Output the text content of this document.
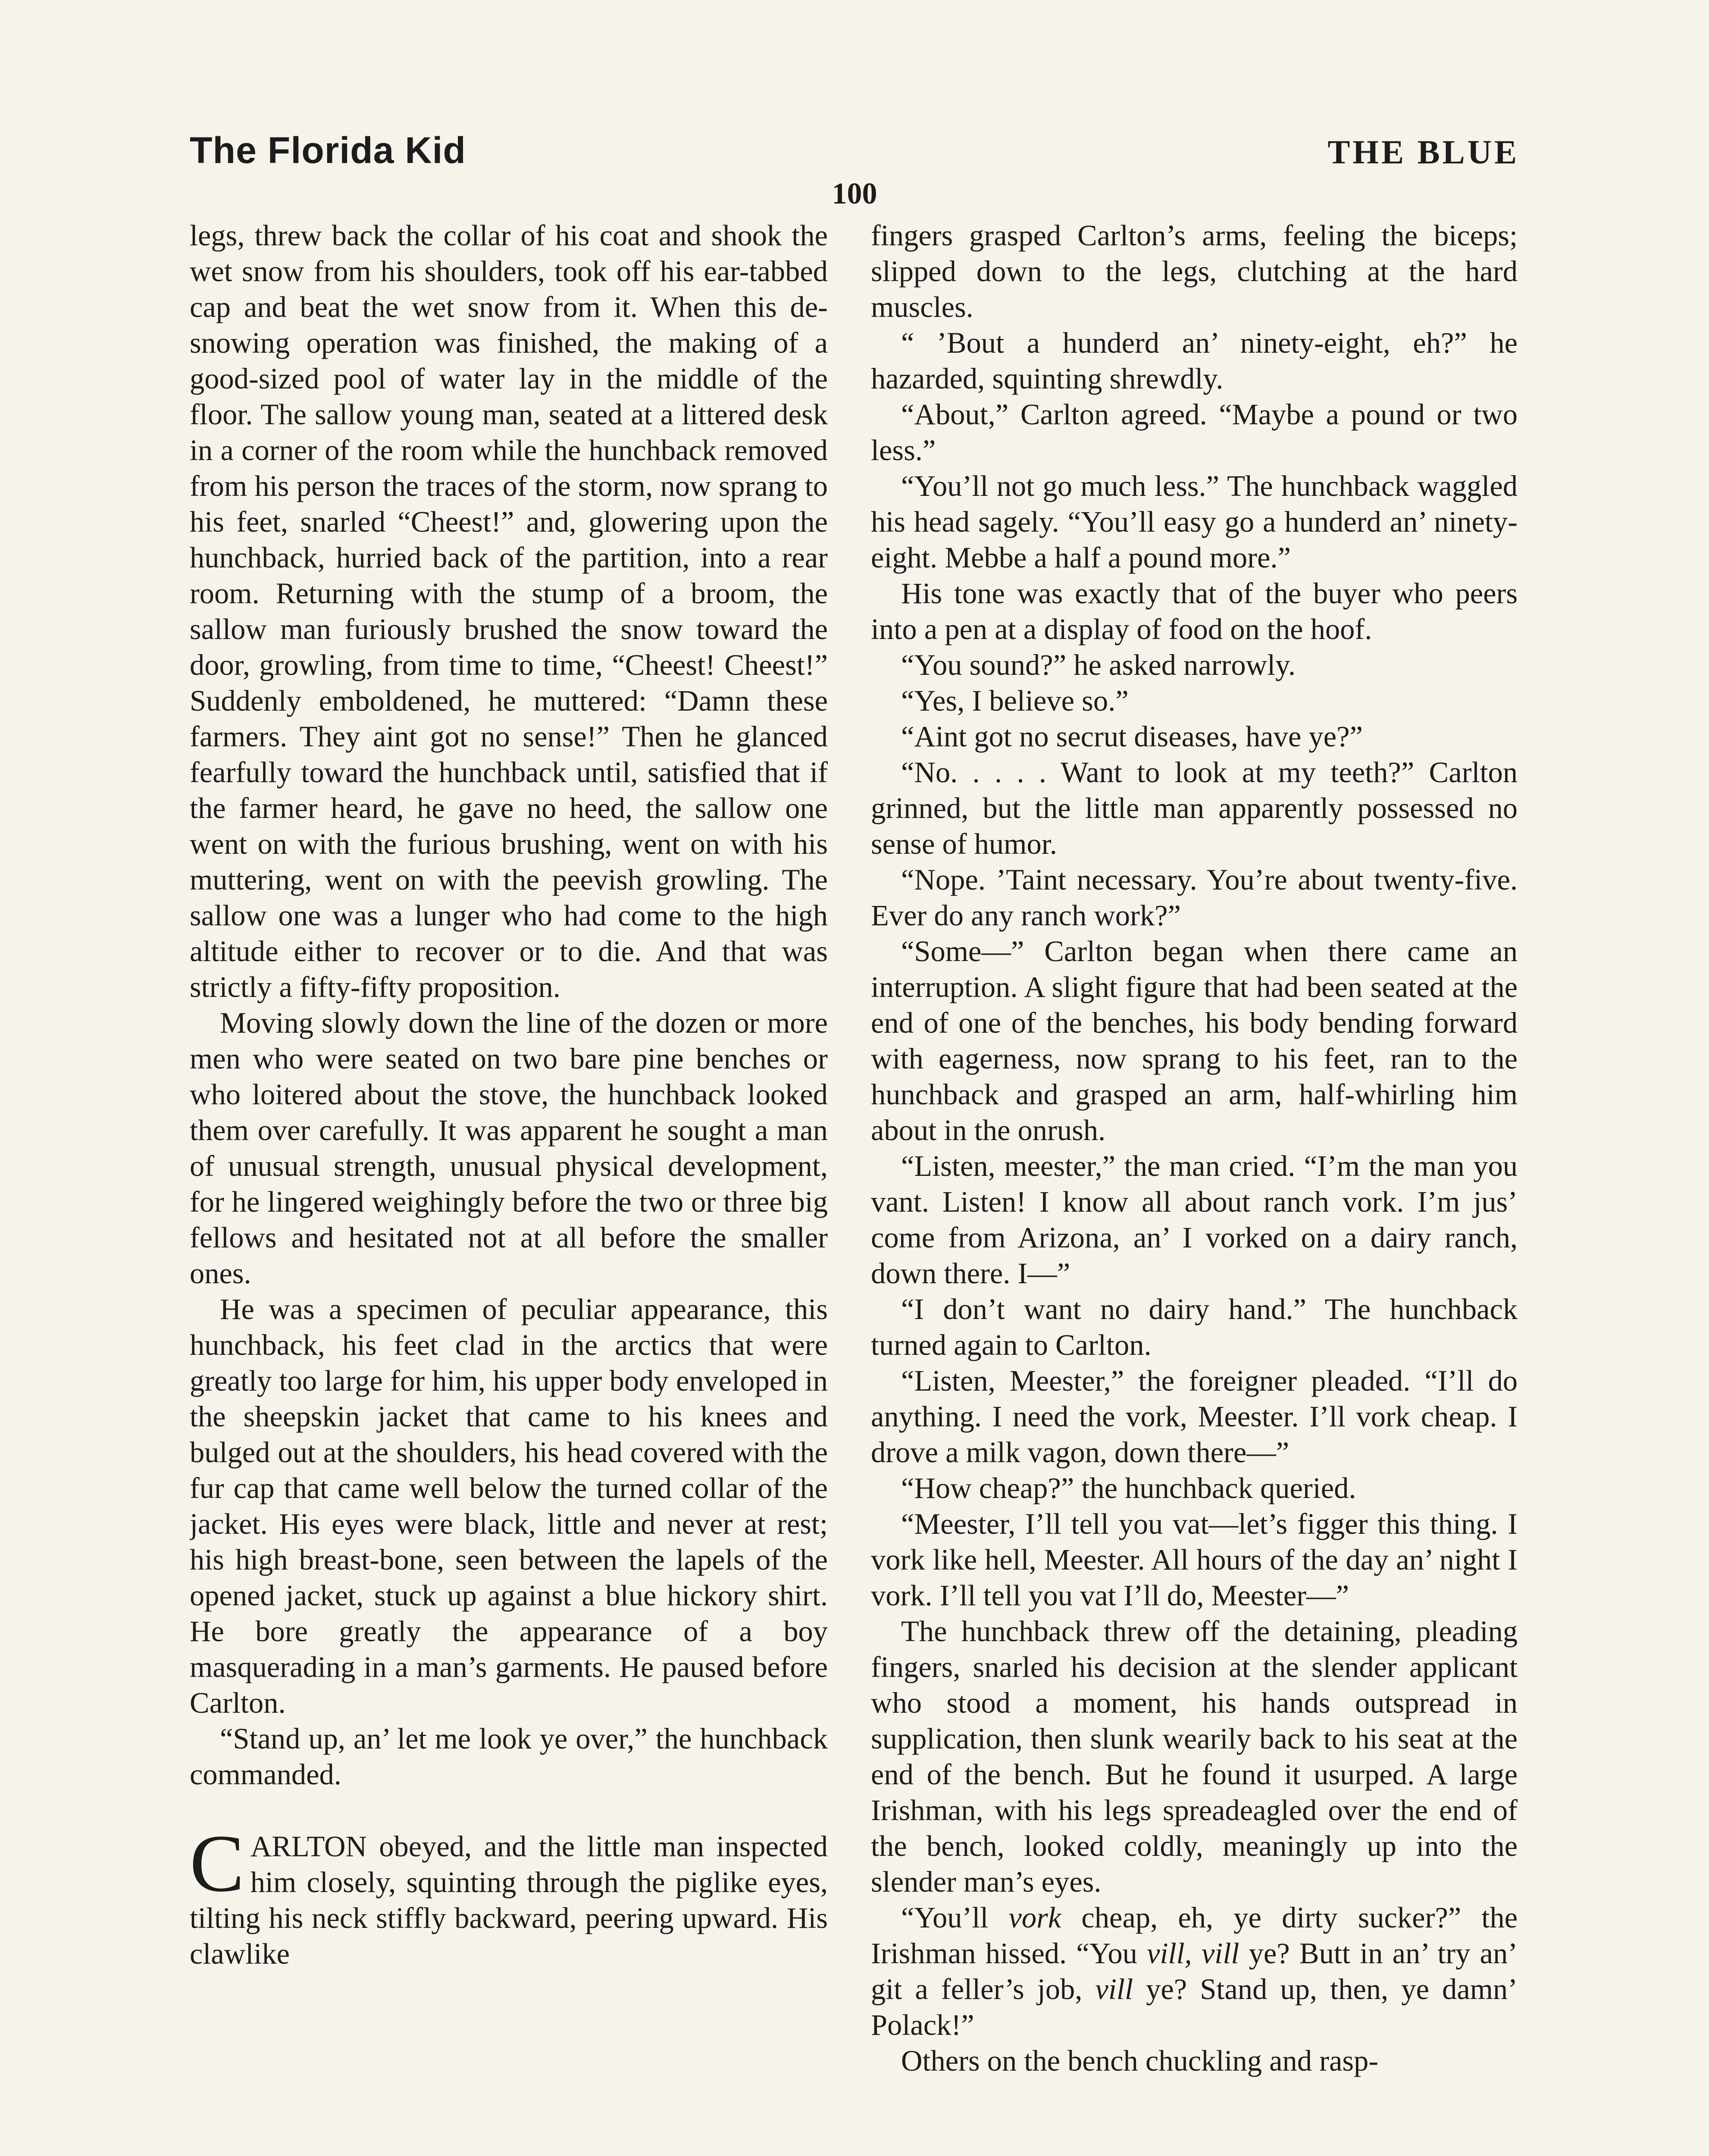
The Florida Kid	THE BLUE
100

legs, threw back the collar of his coat and shook the wet snow from his shoulders, took off his ear-tabbed cap and beat the wet snow from it. When this de-snowing operation was finished, the making of a good-sized pool of water lay in the middle of the floor. The sallow young man, seated at a littered desk in a corner of the room while the hunchback removed from his person the traces of the storm, now sprang to his feet, snarled “Cheest!” and, glowering upon the hunchback, hurried back of the partition, into a rear room. Returning with the stump of a broom, the sallow man furiously brushed the snow toward the door, growling, from time to time, “Cheest! Cheest!” Suddenly emboldened, he muttered: “Damn these farmers. They aint got no sense!” Then he glanced fearfully toward the hunchback until, satisfied that if the farmer heard, he gave no heed, the sallow one went on with the furious brushing, went on with his muttering, went on with the peevish growling. The sallow one was a lunger who had come to the high altitude either to recover or to die. And that was strictly a fifty-fifty proposition.

Moving slowly down the line of the dozen or more men who were seated on two bare pine benches or who loitered about the stove, the hunchback looked them over carefully. It was apparent he sought a man of unusual strength, unusual physical development, for he lingered weighingly before the two or three big fellows and hesitated not at all before the smaller ones.

He was a specimen of peculiar appearance, this hunchback, his feet clad in the arctics that were greatly too large for him, his upper body enveloped in the sheepskin jacket that came to his knees and bulged out at the shoulders, his head covered with the fur cap that came well below the turned collar of the jacket. His eyes were black, little and never at rest; his high breast-bone, seen between the lapels of the opened jacket, stuck up against a blue hickory shirt. He bore greatly the appearance of a boy masquerading in a man’s garments. He paused before Carlton.

“Stand up, an’ let me look ye over,” the hunchback commanded.

CARLTON obeyed, and the little man inspected him closely, squinting through the piglike eyes, tilting his neck stiffly backward, peering upward. His clawlike

fingers grasped Carlton’s arms, feeling the biceps; slipped down to the legs, clutching at the hard muscles.

“ ’Bout a hunderd an’ ninety-eight, eh?” he hazarded, squinting shrewdly.

“About,” Carlton agreed. “Maybe a pound or two less.”

“You’ll not go much less.” The hunchback waggled his head sagely. “You’ll easy go a hunderd an’ ninety-eight. Mebbe a half a pound more.”

His tone was exactly that of the buyer who peers into a pen at a display of food on the hoof.

“You sound?” he asked narrowly.

“Yes, I believe so.”

“Aint got no secrut diseases, have ye?”

“No. . . . . Want to look at my teeth?” Carlton grinned, but the little man apparently possessed no sense of humor.

“Nope. ’Taint necessary. You’re about twenty-five. Ever do any ranch work?”

“Some—” Carlton began when there came an interruption. A slight figure that had been seated at the end of one of the benches, his body bending forward with eagerness, now sprang to his feet, ran to the hunchback and grasped an arm, half-whirling him about in the onrush.

“Listen, meester,” the man cried. “I’m the man you vant. Listen! I know all about ranch vork. I’m jus’ come from Arizona, an’ I vorked on a dairy ranch, down there. I—”

“I don’t want no dairy hand.” The hunchback turned again to Carlton.

“Listen, Meester,” the foreigner pleaded. “I’ll do anything. I need the vork, Meester. I’ll vork cheap. I drove a milk vagon, down there—”

“How cheap?” the hunchback queried.

“Meester, I’ll tell you vat—let’s figger this thing. I vork like hell, Meester. All hours of the day an’ night I vork. I’ll tell you vat I’ll do, Meester—”

The hunchback threw off the detaining, pleading fingers, snarled his decision at the slender applicant who stood a moment, his hands outspread in supplication, then slunk wearily back to his seat at the end of the bench. But he found it usurped. A large Irishman, with his legs spreadeagled over the end of the bench, looked coldly, meaningly up into the slender man’s eyes.

“You’ll vork cheap, eh, ye dirty sucker?” the Irishman hissed. “You vill, vill ye? Butt in an’ try an’ git a feller’s job, vill ye? Stand up, then, ye damn’ Polack!”

Others on the bench chuckling and rasp-
